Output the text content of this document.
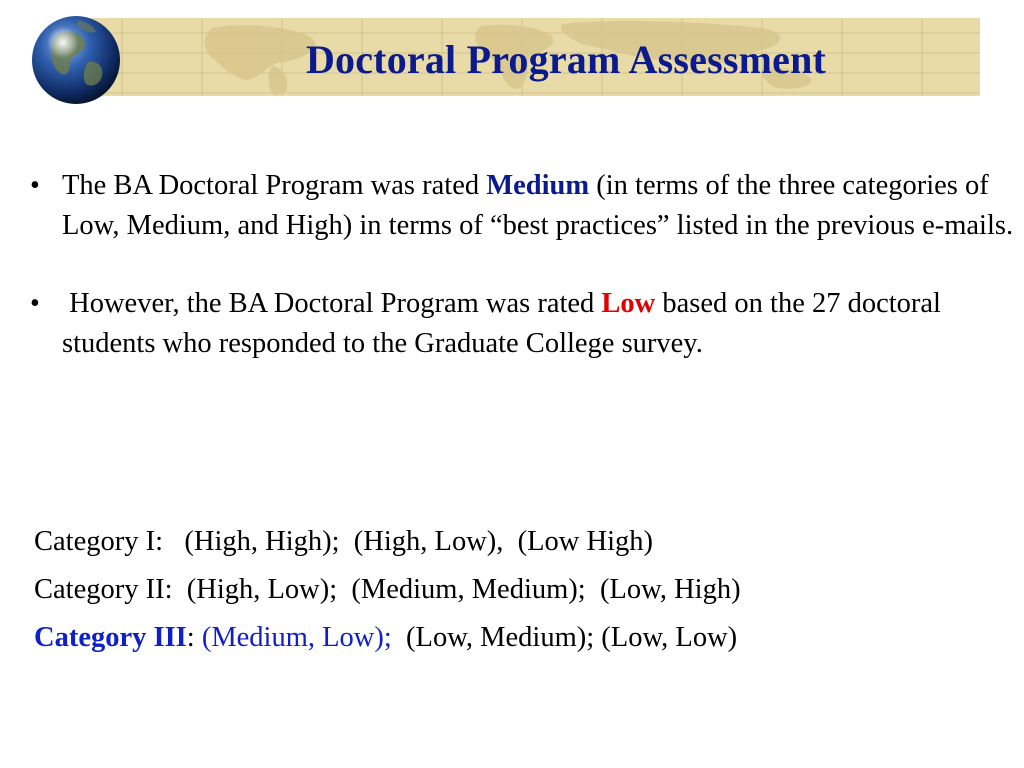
Doctoral Program Assessment
• The BA Doctoral Program was rated Medium (in terms of the three categories of Low, Medium, and High) in terms of “best practices” listed in the previous e-mails.
• However, the BA Doctoral Program was rated Low based on the 27 doctoral students who responded to the Graduate College survey.
Category I:   (High, High);  (High, Low),  (Low High)
Category II:  (High, Low);  (Medium, Medium);  (Low, High)
Category III: (Medium, Low);  (Low, Medium); (Low, Low)
